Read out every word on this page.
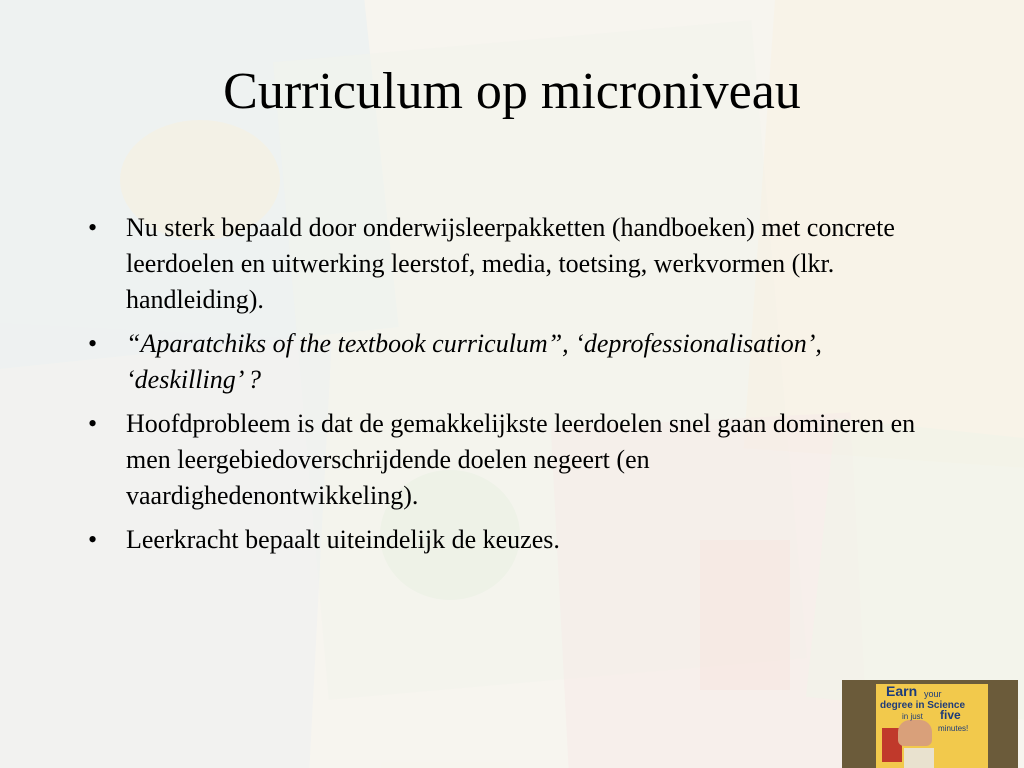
Curriculum op microniveau
• Nu sterk bepaald door onderwijsleerpakketten (handboeken) met concrete leerdoelen en uitwerking leerstof, media, toetsing, werkvormen (lkr. handleiding).
• “Aparatchiks of the textbook curriculum”, ‘deprofessionalisation’, ‘deskilling’ ?
• Hoofdprobleem is dat de gemakkelijkste leerdoelen snel gaan domineren en men leergebiedoverschrijdende doelen negeert (en vaardighedenontwikkeling).
• Leerkracht bepaalt uiteindelijk de keuzes.
Earn your
degree in Science
in just five
minutes!
